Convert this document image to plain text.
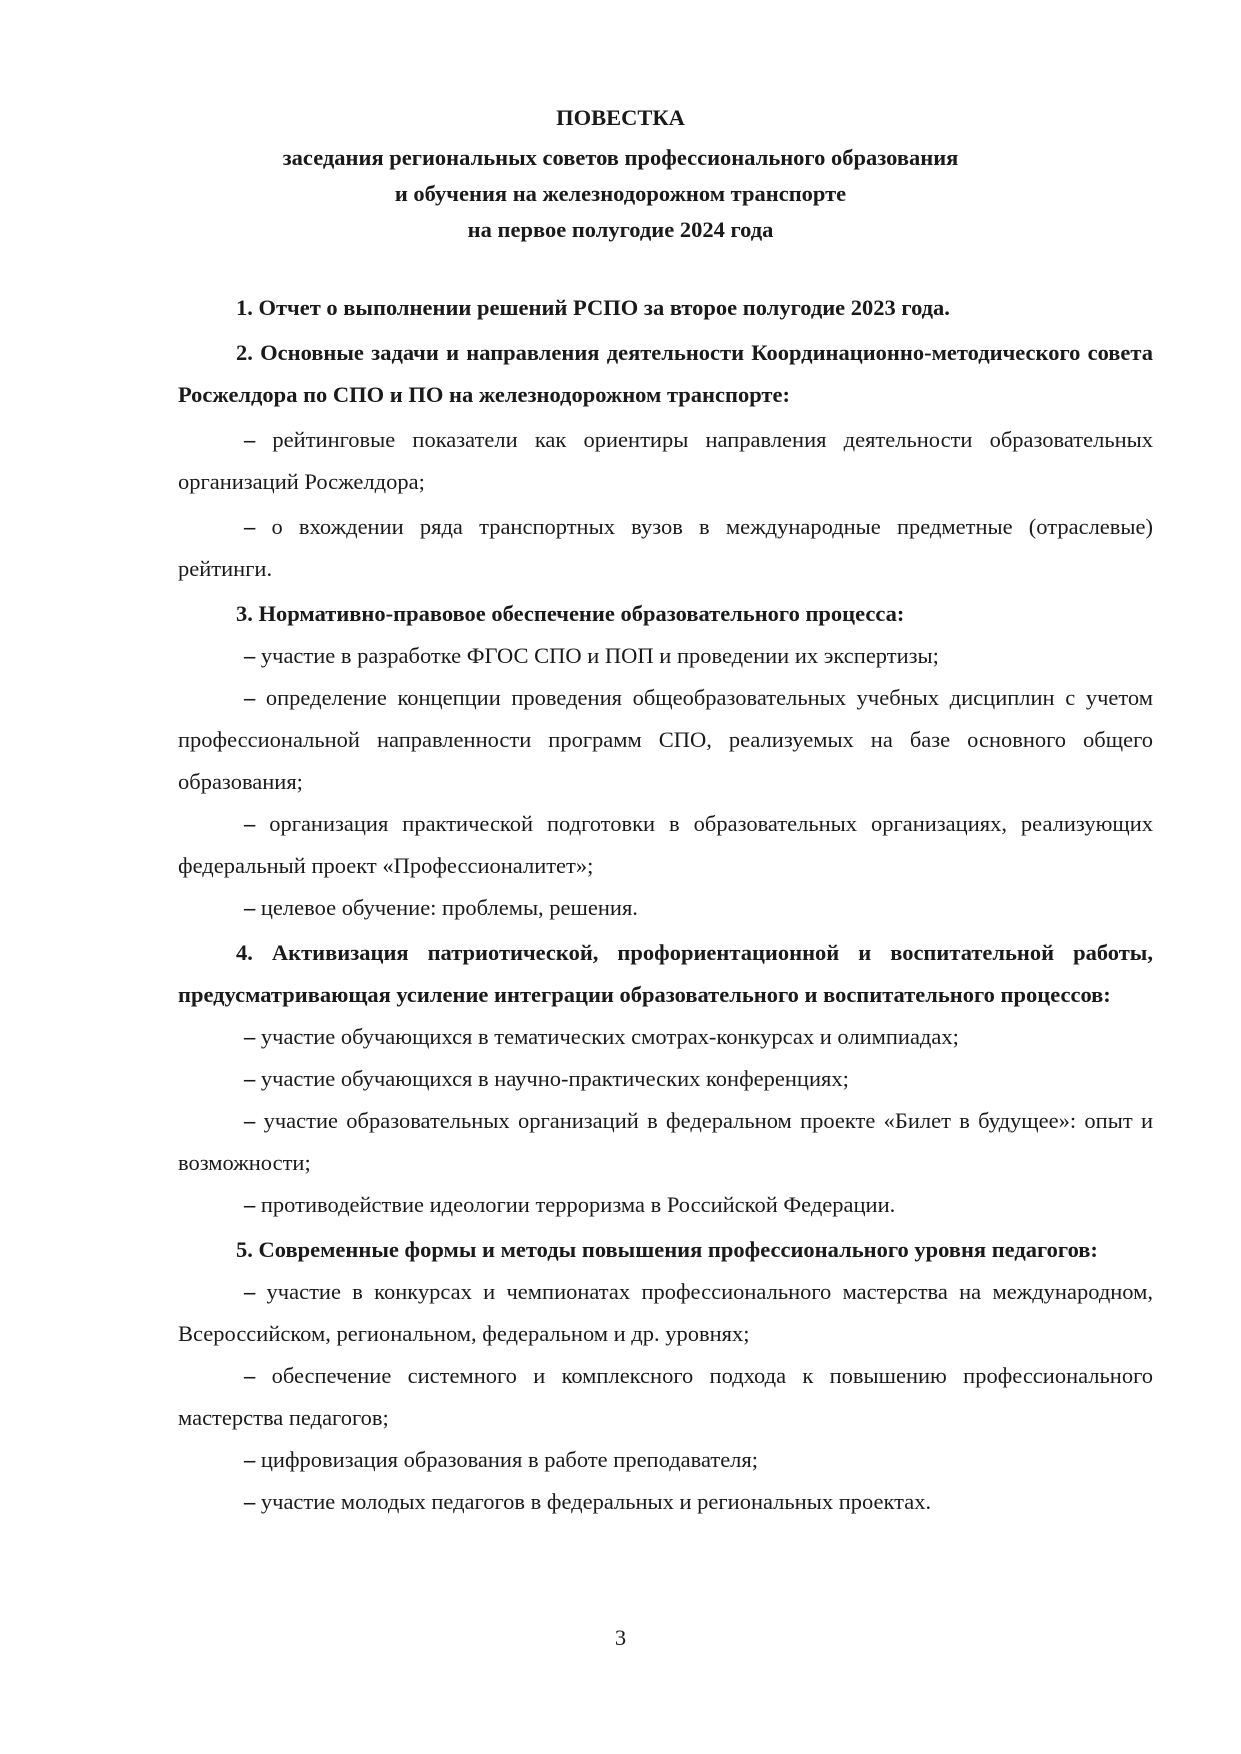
ПОВЕСТКА
заседания региональных советов профессионального образования
и обучения на железнодорожном транспорте
на первое полугодие 2024 года

1. Отчет о выполнении решений РСПО за второе полугодие 2023 года.

2. Основные задачи и направления деятельности Координационно-методического совета Росжелдора по СПО и ПО на железнодорожном транспорте:

– рейтинговые показатели как ориентиры направления деятельности образовательных организаций Росжелдора;

– о вхождении ряда транспортных вузов в международные предметные (отраслевые) рейтинги.

3. Нормативно-правовое обеспечение образовательного процесса:

– участие в разработке ФГОС СПО и ПОП и проведении их экспертизы;

– определение концепции проведения общеобразовательных учебных дисциплин с учетом профессиональной направленности программ СПО, реализуемых на базе основного общего образования;

– организация практической подготовки в образовательных организациях, реализующих федеральный проект «Профессионалитет»;

– целевое обучение: проблемы, решения.

4. Активизация патриотической, профориентационной и воспитательной работы, предусматривающая усиление интеграции образовательного и воспитательного процессов:

– участие обучающихся в тематических смотрах-конкурсах и олимпиадах;

– участие обучающихся в научно-практических конференциях;

– участие образовательных организаций в федеральном проекте «Билет в будущее»: опыт и возможности;

– противодействие идеологии терроризма в Российской Федерации.

5. Современные формы и методы повышения профессионального уровня педагогов:

– участие в конкурсах и чемпионатах профессионального мастерства на международном, Всероссийском, региональном, федеральном и др. уровнях;

– обеспечение системного и комплексного подхода к повышению профессионального мастерства педагогов;

– цифровизация образования в работе преподавателя;

– участие молодых педагогов в федеральных и региональных проектах.

3
